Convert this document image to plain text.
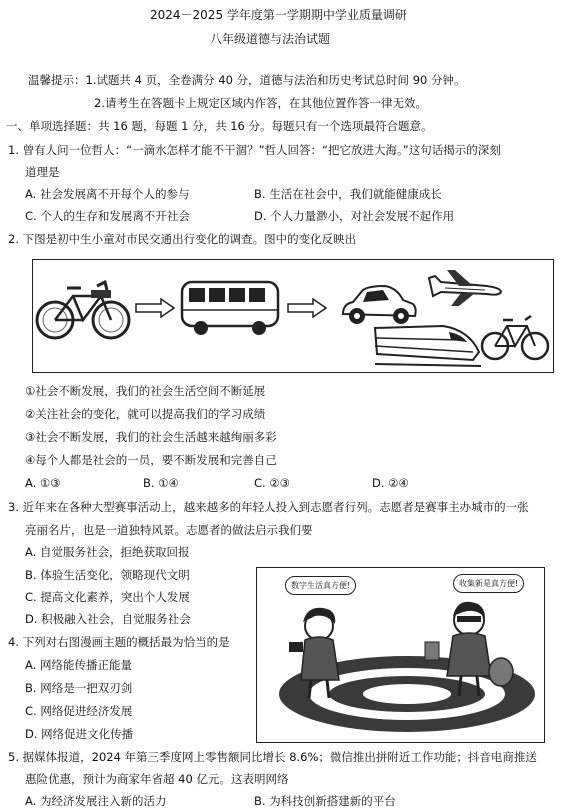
2024－2025 学年度第一学期期中学业质量调研
八年级道德与法治试题
温馨提示：1.试题共 4 页，全卷满分 40 分，道德与法治和历史考试总时间 90 分钟。
2.请考生在答题卡上规定区域内作答，在其他位置作答一律无效。
一、单项选择题：共 16 题，每题 1 分，共 16 分。每题只有一个选项最符合题意。
1. 曾有人问一位哲人：“一滴水怎样才能不干涸？”哲人回答：“把它放进大海。”这句话揭示的深刻
道理是
A. 社会发展离不开每个人的参与	B. 生活在社会中，我们就能健康成长
C. 个人的生存和发展离不开社会	D. 个人力量渺小，对社会发展不起作用
2. 下图是初中生小童对市民交通出行变化的调查。图中的变化反映出
①社会不断发展，我们的社会生活空间不断延展
②关注社会的变化，就可以提高我们的学习成绩
③社会不断发展，我们的社会生活越来越绚丽多彩
④每个人都是社会的一员，要不断发展和完善自己
A. ①③	B. ①④	C. ②③	D. ②④
3. 近年来在各种大型赛事活动上，越来越多的年轻人投入到志愿者行列。志愿者是赛事主办城市的一张
亮丽名片，也是一道独特风景。志愿者的做法启示我们要
A. 自觉服务社会，拒绝获取回报
B. 体验生活变化，领略现代文明
C. 提高文化素养，突出个人发展
D. 积极融入社会，自觉服务社会
4. 下列对右图漫画主题的概括最为恰当的是
A. 网络能传播正能量
B. 网络是一把双刃剑
C. 网络促进经济发展
D. 网络促进文化传播
数字生活真方便!	收集新是真方便!
5. 据媒体报道，2024 年第三季度网上零售额同比增长 8.6%；微信推出拼附近工作功能；抖音电商推送
惠险优惠，预计为商家年省超 40 亿元。这表明网络
A. 为经济发展注入新的活力	B. 为科技创新搭建新的平台
